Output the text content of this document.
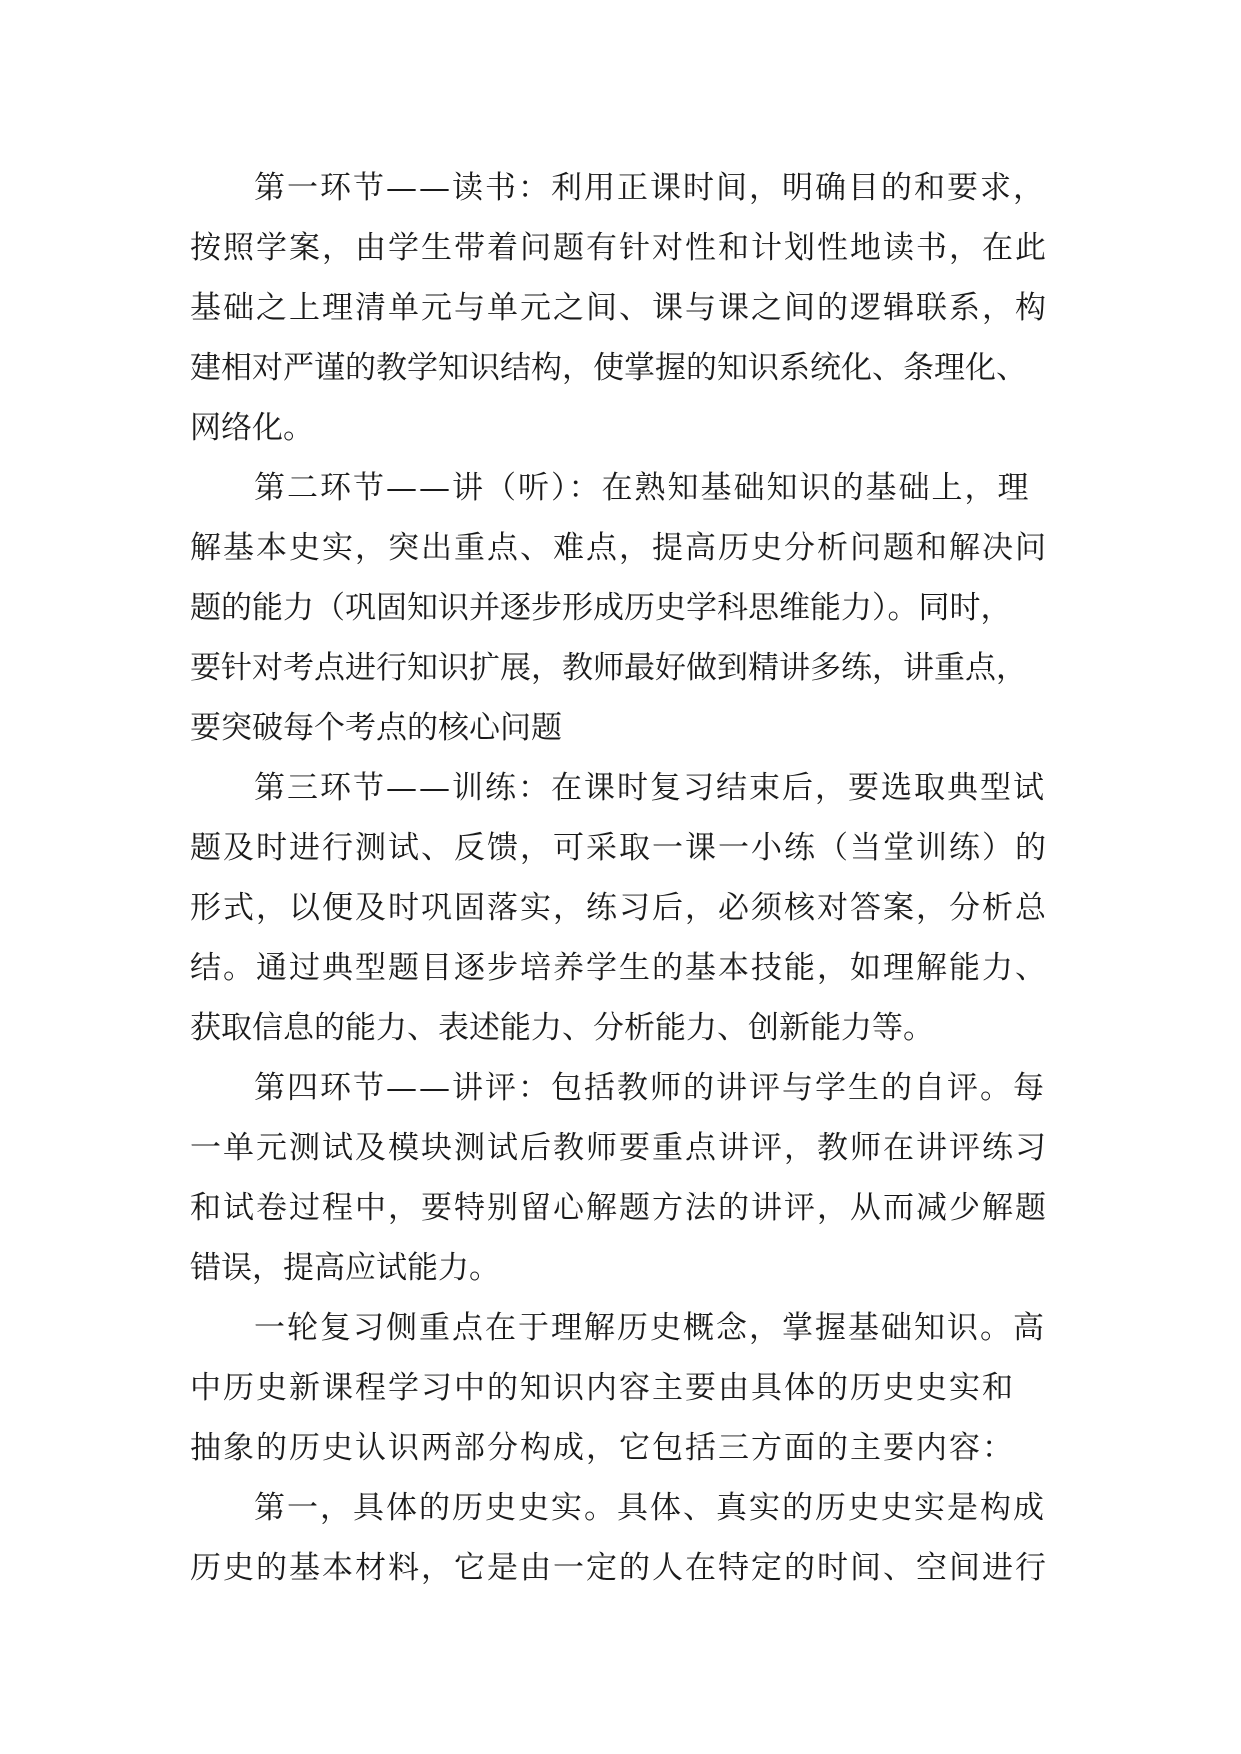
第一环节——读书：利用正课时间，明确目的和要求，
按照学案，由学生带着问题有针对性和计划性地读书，在此
基础之上理清单元与单元之间、课与课之间的逻辑联系，构
建相对严谨的教学知识结构，使掌握的知识系统化、条理化、
网络化。
第二环节——讲（听）：在熟知基础知识的基础上，理
解基本史实，突出重点、难点，提高历史分析问题和解决问
题的能力（巩固知识并逐步形成历史学科思维能力）。同时，
要针对考点进行知识扩展，教师最好做到精讲多练，讲重点，
要突破每个考点的核心问题
第三环节——训练：在课时复习结束后，要选取典型试
题及时进行测试、反馈，可采取一课一小练（当堂训练）的
形式，以便及时巩固落实，练习后，必须核对答案，分析总
结。通过典型题目逐步培养学生的基本技能，如理解能力、
获取信息的能力、表述能力、分析能力、创新能力等。
第四环节——讲评：包括教师的讲评与学生的自评。每
一单元测试及模块测试后教师要重点讲评，教师在讲评练习
和试卷过程中，要特别留心解题方法的讲评，从而减少解题
错误，提高应试能力。
一轮复习侧重点在于理解历史概念，掌握基础知识。高
中历史新课程学习中的知识内容主要由具体的历史史实和
抽象的历史认识两部分构成，它包括三方面的主要内容：
第一，具体的历史史实。具体、真实的历史史实是构成
历史的基本材料，它是由一定的人在特定的时间、空间进行
